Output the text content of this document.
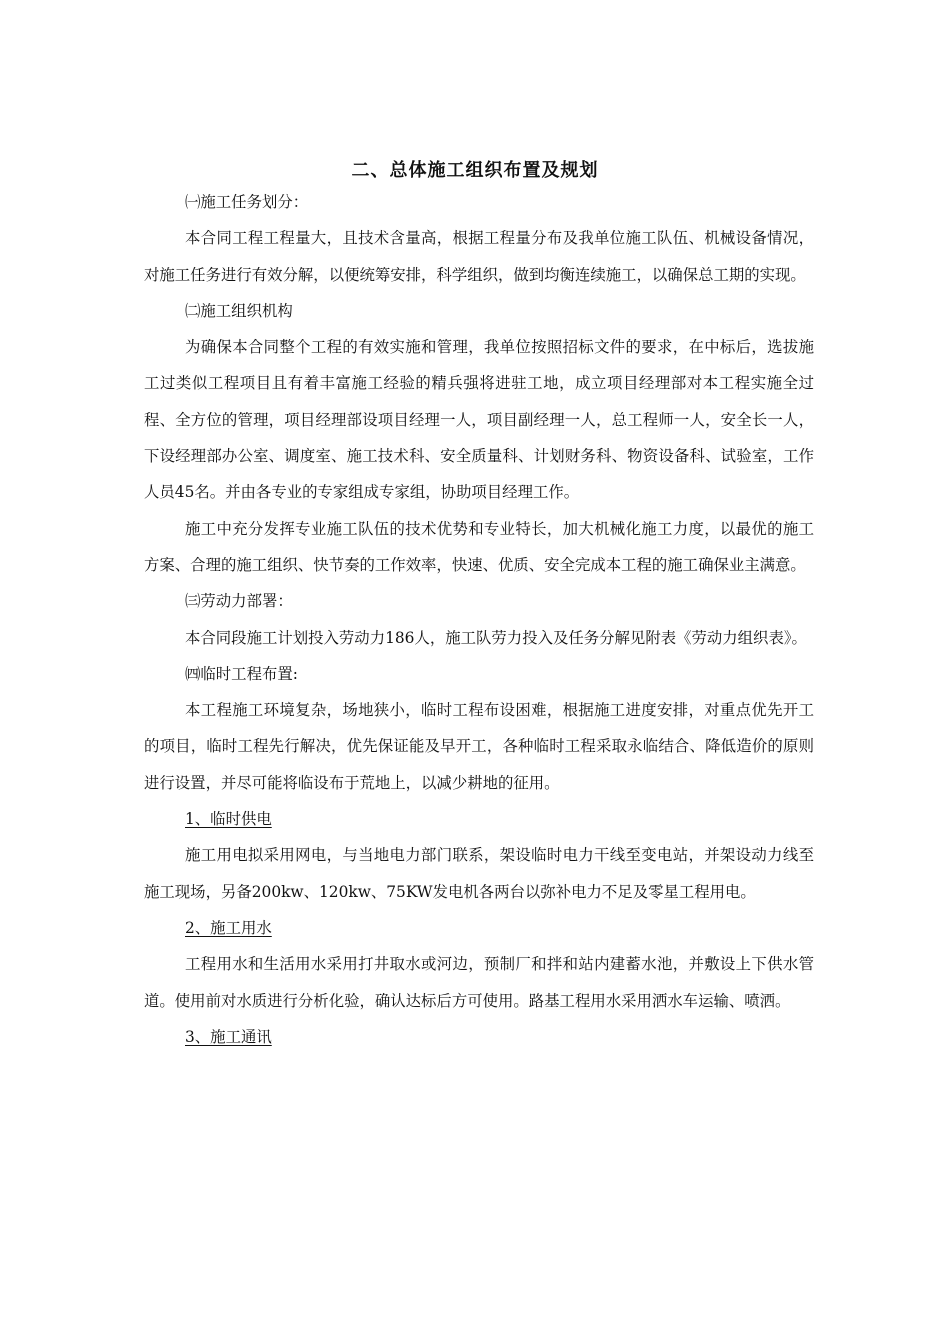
二、总体施工组织布置及规划

㈠施工任务划分：

本合同工程工程量大，且技术含量高，根据工程量分布及我单位施工队伍、机械设备情况，对施工任务进行有效分解，以便统筹安排，科学组织，做到均衡连续施工，以确保总工期的实现。

㈡施工组织机构

为确保本合同整个工程的有效实施和管理，我单位按照招标文件的要求，在中标后，选拔施工过类似工程项目且有着丰富施工经验的精兵强将进驻工地，成立项目经理部对本工程实施全过程、全方位的管理，项目经理部设项目经理一人，项目副经理一人，总工程师一人，安全长一人，下设经理部办公室、调度室、施工技术科、安全质量科、计划财务科、物资设备科、试验室，工作人员45名。并由各专业的专家组成专家组，协助项目经理工作。

施工中充分发挥专业施工队伍的技术优势和专业特长，加大机械化施工力度，以最优的施工方案、合理的施工组织、快节奏的工作效率，快速、优质、安全完成本工程的施工确保业主满意。

㈢劳动力部署：

本合同段施工计划投入劳动力186人，施工队劳力投入及任务分解见附表《劳动力组织表》。

㈣临时工程布置:

本工程施工环境复杂，场地狭小，临时工程布设困难，根据施工进度安排，对重点优先开工的项目，临时工程先行解决，优先保证能及早开工，各种临时工程采取永临结合、降低造价的原则进行设置，并尽可能将临设布于荒地上，以减少耕地的征用。

1、临时供电

施工用电拟采用网电，与当地电力部门联系，架设临时电力干线至变电站，并架设动力线至施工现场，另备200kw、120kw、75KW发电机各两台以弥补电力不足及零星工程用电。

2、施工用水

工程用水和生活用水采用打井取水或河边，预制厂和拌和站内建蓄水池，并敷设上下供水管道。使用前对水质进行分析化验，确认达标后方可使用。路基工程用水采用洒水车运输、喷洒。

3、施工通讯
